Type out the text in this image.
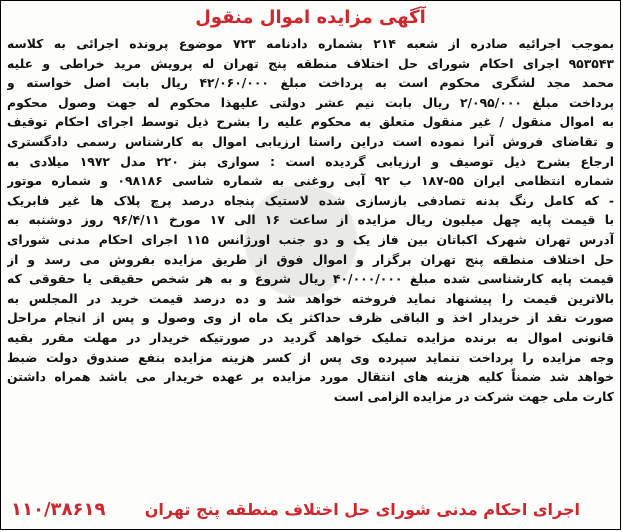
آگهی مزایده اموال منقول
بموجب اجرائیه صادره از شعبه ۲۱۴ بشماره دادنامه ۷۲۳ موضوع پرونده اجرائی به کلاسه
۹۵۳۵۴۳ اجرای احکام شورای حل اختلاف منطقه پنج تهران له پرویش مرید خراطی و علیه
محمد مجد لشگری محکوم است به پرداخت مبلغ ۴۲/۰۶۰/۰۰۰ ریال بابت اصل خواسته و
پرداخت مبلغ ۲/۰۹۵/۰۰۰ ریال بابت نیم عشر دولتی علیهذا محکوم له جهت وصول محکوم
به اموال منقول / غیر منقول متعلق به محکوم علیه را بشرح ذیل توسط اجرای احکام توقیف
و تقاضای فروش آنرا نموده است دراین راستا ارزیابی اموال به کارشناس رسمی دادگستری
ارجاع بشرح ذیل توصیف و ارزیابی گردیده است : سواری بنز ۲۲۰ مدل ۱۹۷۲ میلادی به
شماره انتظامی ایران ۵۵-۱۸۷ ب ۹۲ آبی روغنی به شماره شاسی ۰۹۸۱۸۶ و شماره موتور
- که کامل رنگ بدنه تصادفی بازسازی شده لاستیک پنجاه درصد پرچ پلاک ها غیر فابریک
با قیمت پایه چهل میلیون ریال مزایده از ساعت ۱۶ الی ۱۷ مورخ ۹۶/۴/۱۱ روز دوشنبه به
آدرس تهران شهرک اکباتان بین فاز یک و دو جنب اورژانس ۱۱۵ اجرای احکام مدنی شورای
حل اختلاف منطقه پنج تهران برگزار و اموال فوق از طریق مزایده بفروش می رسد و از
قیمت پایه کارشناسی شده مبلغ ۴۰/۰۰۰/۰۰۰ ریال شروع و به هر شخص حقیقی یا حقوقی که
بالاترین قیمت را پیشنهاد نماید فروخته خواهد شد و ده درصد قیمت خرید در المجلس به
صورت نقد از خریدار اخذ و الباقی ظرف حداکثر یک ماه از وی وصول و پس از انجام مراحل
قانونی اموال به برنده مزایده تملیک خواهد گردید در صورتیکه خریدار در مهلت مقرر بقیه
وجه مزایده را پرداخت ننماید سپرده وی پس از کسر هزینه مزایده بنفع صندوق دولت ضبط
خواهد شد ضمناً کلیه هزینه های انتقال مورد مزایده بر عهده خریدار می باشد همراه داشتن
کارت ملی جهت شرکت در مزایده الزامی است
اجرای احکام مدنی شورای حل اختلاف منطقه پنج تهران
۱۱۰/۳۸۶۱۹
